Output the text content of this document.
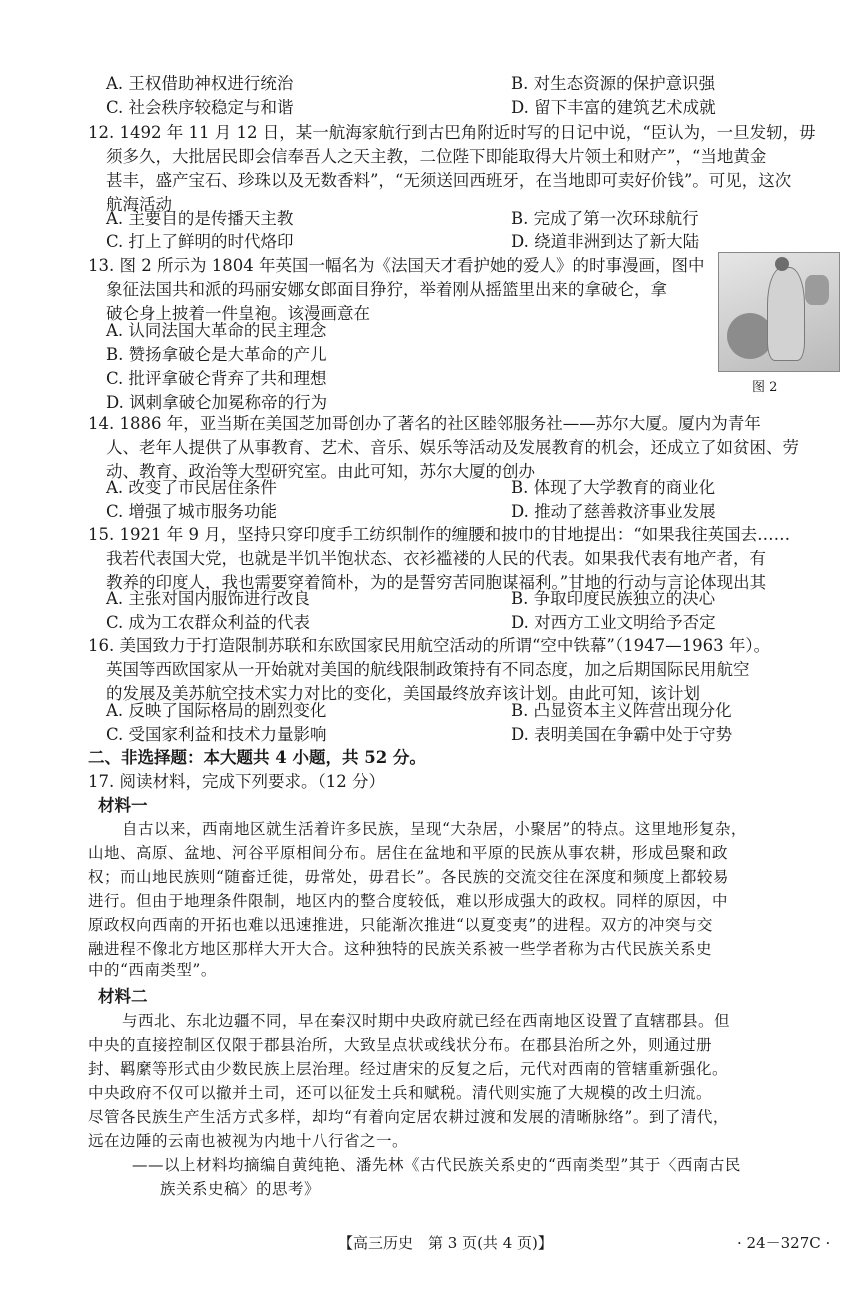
A. 王权借助神权进行统治	B. 对生态资源的保护意识强
C. 社会秩序较稳定与和谐	D. 留下丰富的建筑艺术成就
12. 1492 年 11 月 12 日，某一航海家航行到古巴角附近时写的日记中说，“臣认为，一旦发轫，毋
须多久，大批居民即会信奉吾人之天主教，二位陛下即能取得大片领土和财产”，“当地黄金
甚丰，盛产宝石、珍珠以及无数香料”，“无须送回西班牙，在当地即可卖好价钱”。可见，这次
航海活动
A. 主要目的是传播天主教	B. 完成了第一次环球航行
C. 打上了鲜明的时代烙印	D. 绕道非洲到达了新大陆
13. 图 2 所示为 1804 年英国一幅名为《法国天才看护她的爱人》的时事漫画，图中
象征法国共和派的玛丽安娜女郎面目狰狞，举着刚从摇篮里出来的拿破仑，拿
破仑身上披着一件皇袍。该漫画意在
A. 认同法国大革命的民主理念
B. 赞扬拿破仑是大革命的产儿
C. 批评拿破仑背弃了共和理想
D. 讽刺拿破仑加冕称帝的行为
图 2
14. 1886 年，亚当斯在美国芝加哥创办了著名的社区睦邻服务社——苏尔大厦。厦内为青年
人、老年人提供了从事教育、艺术、音乐、娱乐等活动及发展教育的机会，还成立了如贫困、劳
动、教育、政治等大型研究室。由此可知，苏尔大厦的创办
A. 改变了市民居住条件	B. 体现了大学教育的商业化
C. 增强了城市服务功能	D. 推动了慈善救济事业发展
15. 1921 年 9 月，坚持只穿印度手工纺织制作的缠腰和披巾的甘地提出：“如果我往英国去……
我若代表国大党，也就是半饥半饱状态、衣衫褴褛的人民的代表。如果我代表有地产者，有
教养的印度人，我也需要穿着简朴，为的是誓穷苦同胞谋福利。”甘地的行动与言论体现出其
A. 主张对国内服饰进行改良	B. 争取印度民族独立的决心
C. 成为工农群众利益的代表	D. 对西方工业文明给予否定
16. 美国致力于打造限制苏联和东欧国家民用航空活动的所谓“空中铁幕”（1947—1963 年）。
英国等西欧国家从一开始就对美国的航线限制政策持有不同态度，加之后期国际民用航空
的发展及美苏航空技术实力对比的变化，美国最终放弃该计划。由此可知，该计划
A. 反映了国际格局的剧烈变化	B. 凸显资本主义阵营出现分化
C. 受国家利益和技术力量影响	D. 表明美国在争霸中处于守势
二、非选择题：本大题共 4 小题，共 52 分。
17. 阅读材料，完成下列要求。（12 分）
材料一
自古以来，西南地区就生活着许多民族，呈现“大杂居，小聚居”的特点。这里地形复杂，
山地、高原、盆地、河谷平原相间分布。居住在盆地和平原的民族从事农耕，形成邑聚和政
权；而山地民族则“随畜迁徙，毋常处，毋君长”。各民族的交流交往在深度和频度上都较易
进行。但由于地理条件限制，地区内的整合度较低，难以形成强大的政权。同样的原因，中
原政权向西南的开拓也难以迅速推进，只能渐次推进“以夏变夷”的进程。双方的冲突与交
融进程不像北方地区那样大开大合。这种独特的民族关系被一些学者称为古代民族关系史
中的“西南类型”。
材料二
与西北、东北边疆不同，早在秦汉时期中央政府就已经在西南地区设置了直辖郡县。但
中央的直接控制区仅限于郡县治所，大致呈点状或线状分布。在郡县治所之外，则通过册
封、羁縻等形式由少数民族上层治理。经过唐宋的反复之后，元代对西南的管辖重新强化。
中央政府不仅可以撤并土司，还可以征发土兵和赋税。清代则实施了大规模的改土归流。
尽管各民族生产生活方式多样，却均“有着向定居农耕过渡和发展的清晰脉络”。到了清代，
远在边陲的云南也被视为内地十八行省之一。
——以上材料均摘编自黄纯艳、潘先林《古代民族关系史的“西南类型”其于〈西南古民
族关系史稿〉的思考》
【高三历史　第 3 页(共 4 页)】	· 24－327C ·
